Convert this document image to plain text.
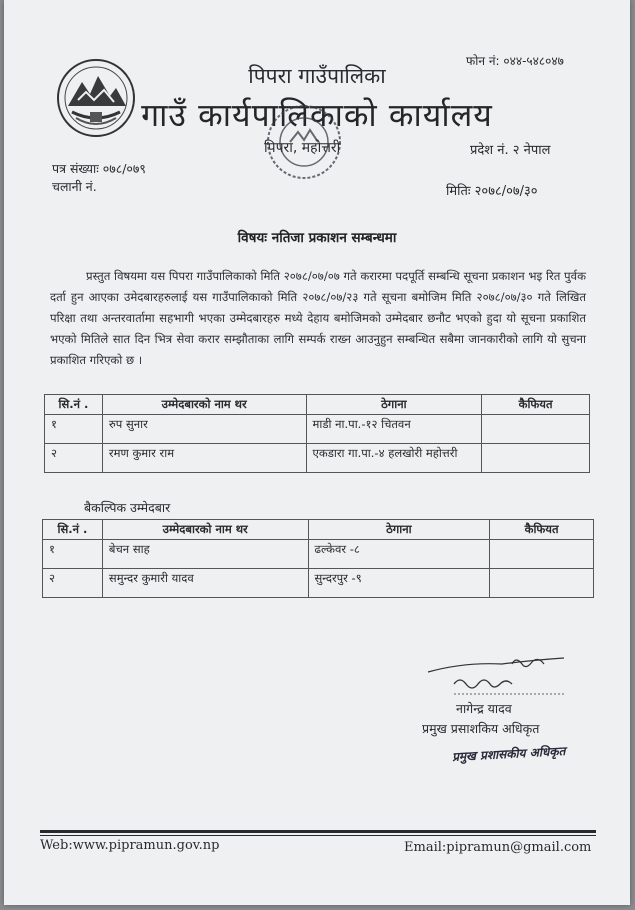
फोन नं: ०४४-५४८०४७
पिपरा गाउँपालिका
गाउँ कार्यपालिकाको कार्यालय
पिपरा, महोत्तरी	प्रदेश नं. २ नेपाल
पत्र संख्याः ०७८/०७९
चलानी नं.	मितिः २०७८/०७/३०
विषयः नतिजा प्रकाशन सम्बन्धमा
प्रस्तुत विषयमा यस पिपरा गाउँपालिकाको मिति २०७८/०७/०७ गते करारमा पदपूर्ति सम्बन्धि सूचना प्रकाशन भइ रित पुर्वक दर्ता हुन आएका उमेदबारहरुलाई यस गाउँपालिकाको मिति २०७८/०७/२३ गते सूचना बमोजिम मिति २०७८/०७/३० गते लिखित परिक्षा तथा अन्तरवार्तामा सहभागी भएका उम्मेदबारहरु मध्ये देहाय बमोजिमको उम्मेदबार छनौट भएको हुदा यो सूचना प्रकाशित भएको मितिले सात दिन भित्र सेवा करार सम्झौताका लागि सम्पर्क राख्न आउनुहुन सम्बन्धित सबैमा जानकारीको लागि यो सुचना प्रकाशित गरिएको छ ।
सि.नं .	उम्मेदबारको नाम थर	ठेगाना	कैफियत
१	रुप सुनार	माडी ना.पा.-१२ चितवन	
२	रमण कुमार राम	एकडारा गा.पा.-४ हलखोरी महोत्तरी	
बैकल्पिक उम्मेदबार
सि.नं .	उम्मेदबारको नाम थर	ठेगाना	कैफियत
१	बेचन साह	ढल्केवर -८	
२	समुन्दर कुमारी यादव	सुन्दरपुर -९	
नागेन्द्र यादव
प्रमुख प्रसाशकिय अधिकृत
प्रमुख प्रशासकीय अधिकृत
Web:www.pipramun.gov.np	Email:pipramun@gmail.com
